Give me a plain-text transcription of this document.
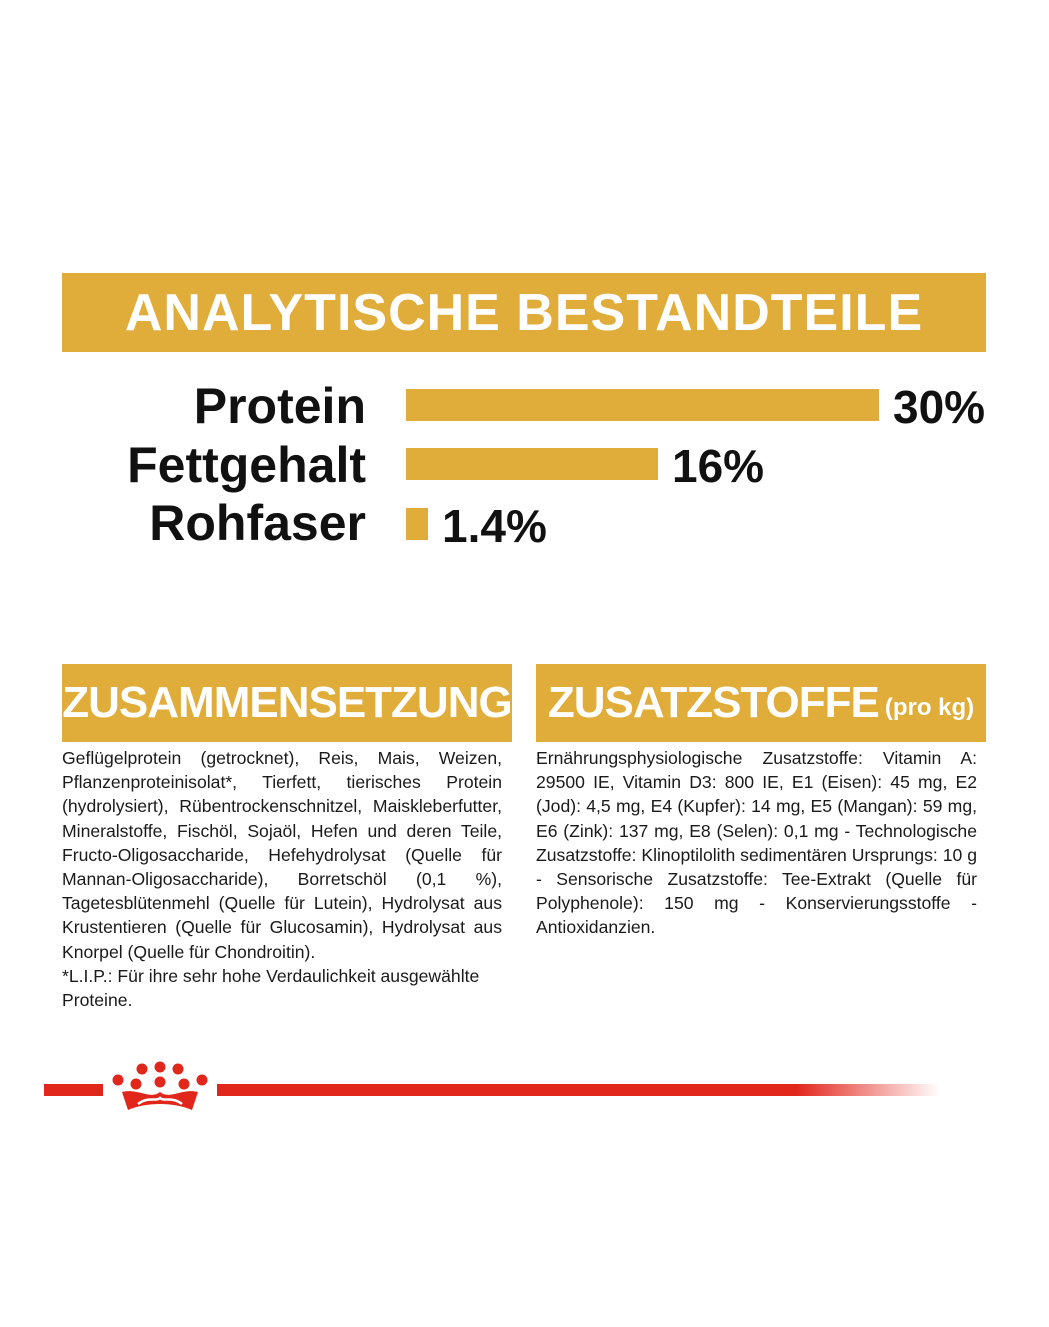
ANALYTISCHE BESTANDTEILE
Protein	30%
Fettgehalt	16%
Rohfaser 1.4%
ZUSAMMENSETZUNG ZUSATZSTOFFE (pro kg)

Geflügelprotein (getrocknet), Reis, Mais, Weizen, Pflanzenproteinisolat*, Tierfett, tierisches Protein (hydrolysiert), Rübentrockenschnitzel, Maiskleberfutter, Mineralstoffe, Fischöl, Sojaöl, Hefen und deren Teile, Fructo-Oligosaccharide, Hefehydrolysat (Quelle für Mannan-Oligosaccharide), Borretschöl (0,1 %), Tagetesblütenmehl (Quelle für Lutein), Hydrolysat aus Krustentieren (Quelle für Glucosamin), Hydrolysat aus Knorpel (Quelle für Chondroitin).

*L.I.P.: Für ihre sehr hohe Verdaulichkeit ausgewählte Proteine.

Ernährungsphysiologische Zusatzstoffe: Vitamin A: 29500 IE, Vitamin D3: 800 IE, E1 (Eisen): 45 mg, E2 (Jod): 4,5 mg, E4 (Kupfer): 14 mg, E5 (Mangan): 59 mg, E6 (Zink): 137 mg, E8 (Selen): 0,1 mg - Technologische Zusatzstoffe: Klinoptilolith sedimentären Ursprungs: 10 g - Sensorische Zusatzstoffe: Tee-Extrakt (Quelle für Polyphenole): 150 mg - Konservierungsstoffe - Antioxidanzien.
